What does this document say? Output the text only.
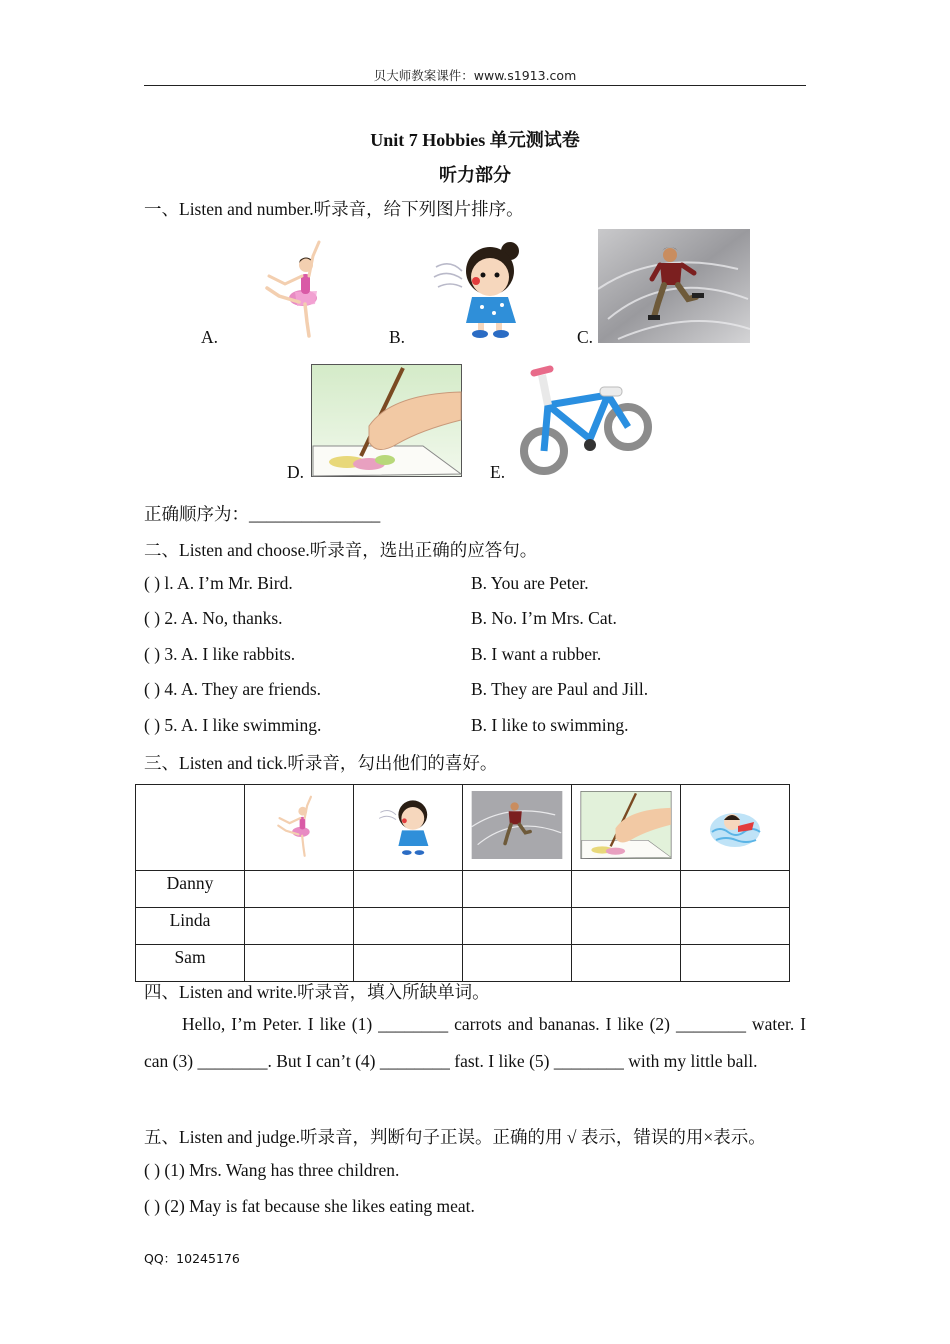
贝大师教案课件：www.s1913.com
Unit 7 Hobbies 单元测试卷
听力部分
一、Listen and number.听录音，给下列图片排序。
A.	B.	C.
D.	E.
正确顺序为：_______________
二、Listen and choose.听录音，选出正确的应答句。
( ) l. A. I’m Mr. Bird.	B. You are Peter.
( ) 2. A. No, thanks.	B. No. I’m Mrs. Cat.
( ) 3. A. I like rabbits.	B. I want a rubber.
( ) 4. A. They are friends.	B. They are Paul and Jill.
( ) 5. A. I like swimming.	B. I like to swimming.
三、Listen and tick.听录音，勾出他们的喜好。

Danny					
Linda					
Sam					
四、Listen and write.听录音，填入所缺单词。
Hello, I’m Peter. I like (1) ________ carrots and bananas. I like (2) ________ water. I can (3) ________. But I can’t (4) ________ fast. I like (5) ________ with my little ball.
五、Listen and judge.听录音，判断句子正误。正确的用 √ 表示，错误的用×表示。
( ) (1) Mrs. Wang has three children.
( ) (2) May is fat because she likes eating meat.
QQ：10245176
